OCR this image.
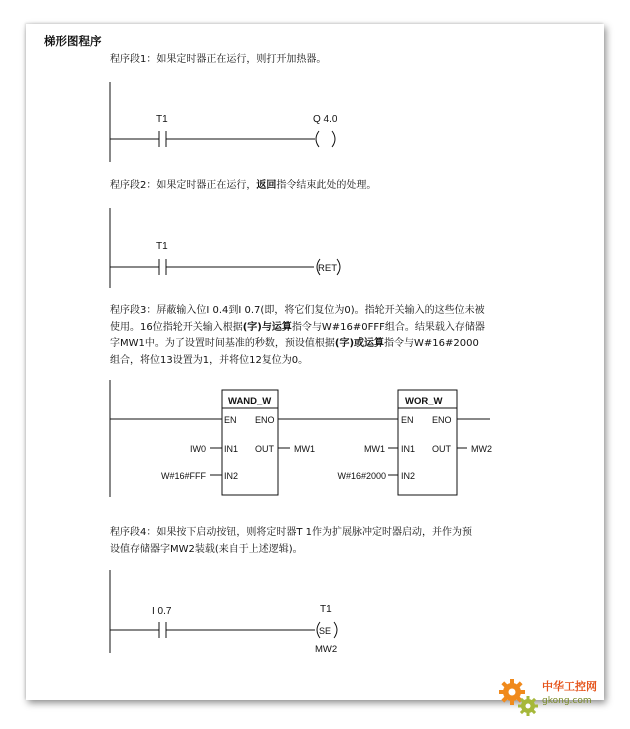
梯形图程序
程序段1：如果定时器正在运行，则打开加热器。
程序段2：如果定时器正在运行，返回指令结束此处的处理。
程序段3：屏蔽输入位I 0.4到I 0.7(即，将它们复位为0)。指轮开关输入的这些位未被
使用。16位指轮开关输入根据(字)与运算指令与W#16#0FFF组合。结果载入存储器
字MW1中。为了设置时间基准的秒数，预设值根据(字)或运算指令与W#16#2000
组合，将位13设置为1，并将位12复位为0。
程序段4：如果按下启动按钮，则将定时器T 1作为扩展脉冲定时器启动，并作为预
设值存储器字MW2装载(来自于上述逻辑)。
T1	Q 4.0
T1
RET
WAND_W
EN ENO
IN1 OUT
IN2
IW0
W#16#FFF
MW1
WOR_W
EN ENO
IN1 OUT
IN2
MW1
W#16#2000
MW2
I 0.7	T1
SE
MW2
中华工控网
gkong.com
